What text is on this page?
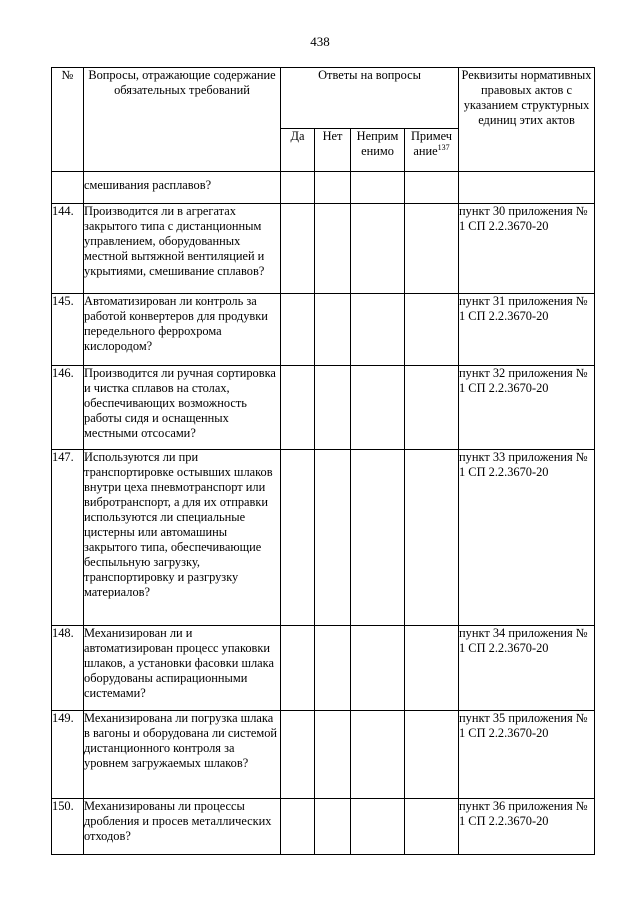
438
№	Вопросы, отражающие содержание обязательных требований	Ответы на вопросы				Реквизиты нормативных правовых актов с указанием структурных единиц этих актов
		Да	Нет	Неприм енимо	Примеч ание$^{137}$
	смешивания расплавов?					
144.	Производится ли в агрегатах закрытого типа с дистанционным управлением, оборудованных местной вытяжной вентиляцией и укрытиями, смешивание сплавов?					пункт 30 приложения № 1 СП 2.2.3670-20
145.	Автоматизирован ли контроль за работой конвертеров для продувки передельного феррохрома кислородом?					пункт 31 приложения № 1 СП 2.2.3670-20
146.	Производится ли ручная сортировка и чистка сплавов на столах, обеспечивающих возможность работы сидя и оснащенных местными отсосами?					пункт 32 приложения № 1 СП 2.2.3670-20
147.	Используются ли при транспортировке остывших шлаков внутри цеха пневмотранспорт или вибротранспорт, а для их отправки используются ли специальные цистерны или автомашины закрытого типа, обеспечивающие беспыльную загрузку, транспортировку и разгрузку материалов?					пункт 33 приложения № 1 СП 2.2.3670-20
148.	Механизирован ли и автоматизирован процесс упаковки шлаков, а установки фасовки шлака оборудованы аспирационными системами?					пункт 34 приложения № 1 СП 2.2.3670-20
149.	Механизирована ли погрузка шлака в вагоны и оборудована ли системой дистанционного контроля за уровнем загружаемых шлаков?					пункт 35 приложения № 1 СП 2.2.3670-20
150.	Механизированы ли процессы дробления и просев металлических отходов?					пункт 36 приложения № 1 СП 2.2.3670-20
